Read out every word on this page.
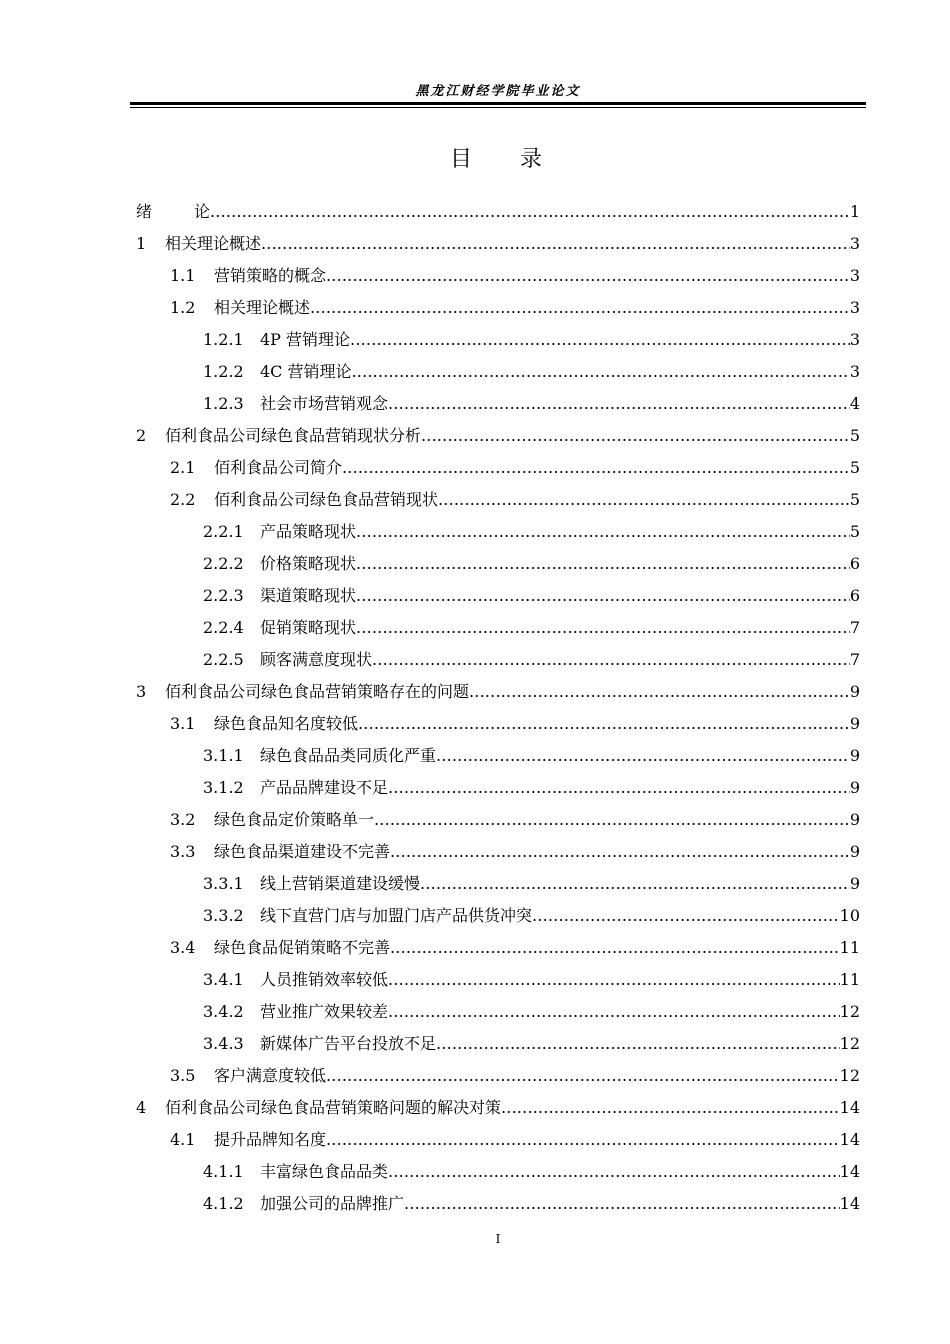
黑龙江财经学院毕业论文
目 录
绪	论 .....	1
1	相关理论概述 .....	3
1.1	营销策略的概念 .....	3
1.2	相关理论概述 .....	3
1.2.1	4P 营销理论 .....	3
1.2.2	4C 营销理论 .....	3
1.2.3	社会市场营销观念 .....	4
2	佰利食品公司绿色食品营销现状分析 .....	5
2.1	佰利食品公司简介 .....	5
2.2	佰利食品公司绿色食品营销现状 .....	5
2.2.1	产品策略现状 .....	5
2.2.2	价格策略现状 .....	6
2.2.3	渠道策略现状 .....	6
2.2.4	促销策略现状 .....	7
2.2.5	顾客满意度现状 .....	7
3	佰利食品公司绿色食品营销策略存在的问题 .....	9
3.1	绿色食品知名度较低 .....	9
3.1.1	绿色食品品类同质化严重 .....	9
3.1.2	产品品牌建设不足 .....	9
3.2	绿色食品定价策略单一 .....	9
3.3	绿色食品渠道建设不完善 .....	9
3.3.1	线上营销渠道建设缓慢 .....	9
3.3.2	线下直营门店与加盟门店产品供货冲突 .....	10
3.4	绿色食品促销策略不完善 .....	11
3.4.1	人员推销效率较低 .....	11
3.4.2	营业推广效果较差 .....	12
3.4.3	新媒体广告平台投放不足 .....	12
3.5	客户满意度较低 .....	12
4	佰利食品公司绿色食品营销策略问题的解决对策 .....	14
4.1	提升品牌知名度 .....	14
4.1.1	丰富绿色食品品类 .....	14
4.1.2	加强公司的品牌推广 .....	14
I
